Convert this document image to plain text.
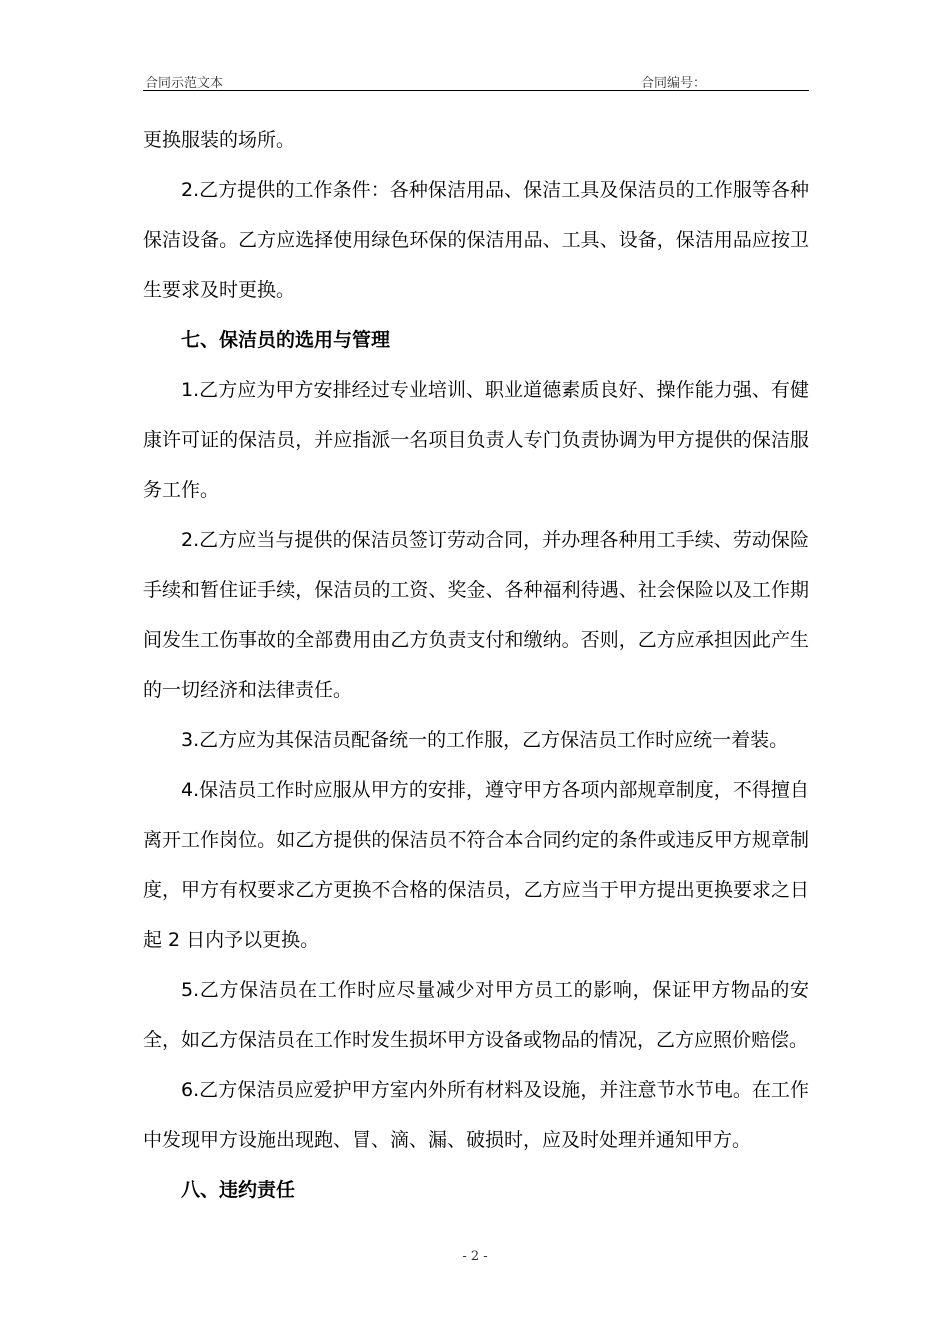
合同示范文本	合同编号：

更换服装的场所。

2.乙方提供的工作条件：各种保洁用品、保洁工具及保洁员的工作服等各种保洁设备。乙方应选择使用绿色环保的保洁用品、工具、设备，保洁用品应按卫生要求及时更换。

七、保洁员的选用与管理

1.乙方应为甲方安排经过专业培训、职业道德素质良好、操作能力强、有健康许可证的保洁员，并应指派一名项目负责人专门负责协调为甲方提供的保洁服务工作。

2.乙方应当与提供的保洁员签订劳动合同，并办理各种用工手续、劳动保险手续和暂住证手续，保洁员的工资、奖金、各种福利待遇、社会保险以及工作期间发生工伤事故的全部费用由乙方负责支付和缴纳。否则，乙方应承担因此产生的一切经济和法律责任。

3.乙方应为其保洁员配备统一的工作服，乙方保洁员工作时应统一着装。

4.保洁员工作时应服从甲方的安排，遵守甲方各项内部规章制度，不得擅自离开工作岗位。如乙方提供的保洁员不符合本合同约定的条件或违反甲方规章制度，甲方有权要求乙方更换不合格的保洁员，乙方应当于甲方提出更换要求之日起 2 日内予以更换。

5.乙方保洁员在工作时应尽量减少对甲方员工的影响，保证甲方物品的安全，如乙方保洁员在工作时发生损坏甲方设备或物品的情况，乙方应照价赔偿。

6.乙方保洁员应爱护甲方室内外所有材料及设施，并注意节水节电。在工作中发现甲方设施出现跑、冒、滴、漏、破损时，应及时处理并通知甲方。

八、违约责任
- 2 -
